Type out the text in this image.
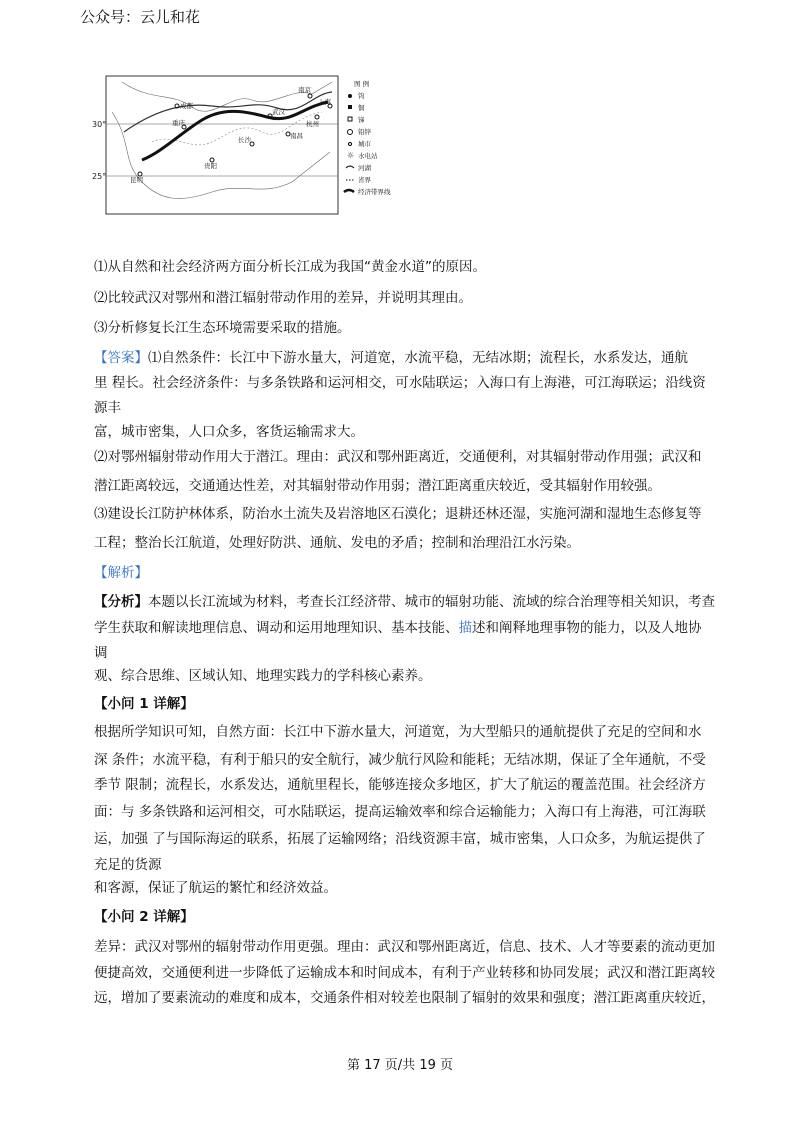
公众号：云儿和花
30°
25°
成都
重庆
长沙
贵阳
昆明
武汉
南京
杭州
南昌
上海
图 例
钨
铜
锑
铅锌
城市
☼ 水电站
河湖
省界
经济带界线
⑴从自然和社会经济两方面分析长江成为我国“黄金水道”的原因。
⑵比较武汉对鄂州和潜江辐射带动作用的差异，并说明其理由。
⑶分析修复长江生态环境需要采取的措施。
【答案】⑴自然条件：长江中下游水量大，河道宽，水流平稳，无结冰期；流程长，水系发达，通航
里 程长。社会经济条件：与多条铁路和运河相交，可水陆联运；入海口有上海港，可江海联运；沿线资
源丰
富，城市密集，人口众多，客货运输需求大。
⑵对鄂州辐射带动作用大于潜江。理由：武汉和鄂州距离近，交通便利，对其辐射带动作用强；武汉和
潜江距离较远，交通通达性差，对其辐射带动作用弱；潜江距离重庆较近，受其辐射作用较强。
⑶建设长江防护林体系，防治水土流失及岩溶地区石漠化；退耕还林还湿，实施河湖和湿地生态修复等
工程；整治长江航道，处理好防洪、通航、发电的矛盾；控制和治理沿江水污染。
【解析】
【分析】本题以长江流域为材料，考查长江经济带、城市的辐射功能、流域的综合治理等相关知识，考查
学生获取和解读地理信息、调动和运用地理知识、基本技能、描述和阐释地理事物的能力，以及人地协
调
观、综合思维、区域认知、地理实践力的学科核心素养。
【小问 1 详解】
根据所学知识可知，自然方面：长江中下游水量大，河道宽，为大型船只的通航提供了充足的空间和水
深 条件；水流平稳，有利于船只的安全航行，减少航行风险和能耗；无结冰期，保证了全年通航，不受
季节 限制；流程长，水系发达，通航里程长，能够连接众多地区，扩大了航运的覆盖范围。社会经济方
面：与 多条铁路和运河相交，可水陆联运，提高运输效率和综合运输能力；入海口有上海港，可江海联
运，加强 了与国际海运的联系，拓展了运输网络；沿线资源丰富，城市密集，人口众多，为航运提供了
充足的货源
和客源，保证了航运的繁忙和经济效益。
【小问 2 详解】
差异：武汉对鄂州的辐射带动作用更强。理由：武汉和鄂州距离近，信息、技术、人才等要素的流动更加
便捷高效，交通便利进一步降低了运输成本和时间成本，有利于产业转移和协同发展；武汉和潜江距离较
远，增加了要素流动的难度和成本，交通条件相对较差也限制了辐射的效果和强度；潜江距离重庆较近，
第 17 页/共 19 页
